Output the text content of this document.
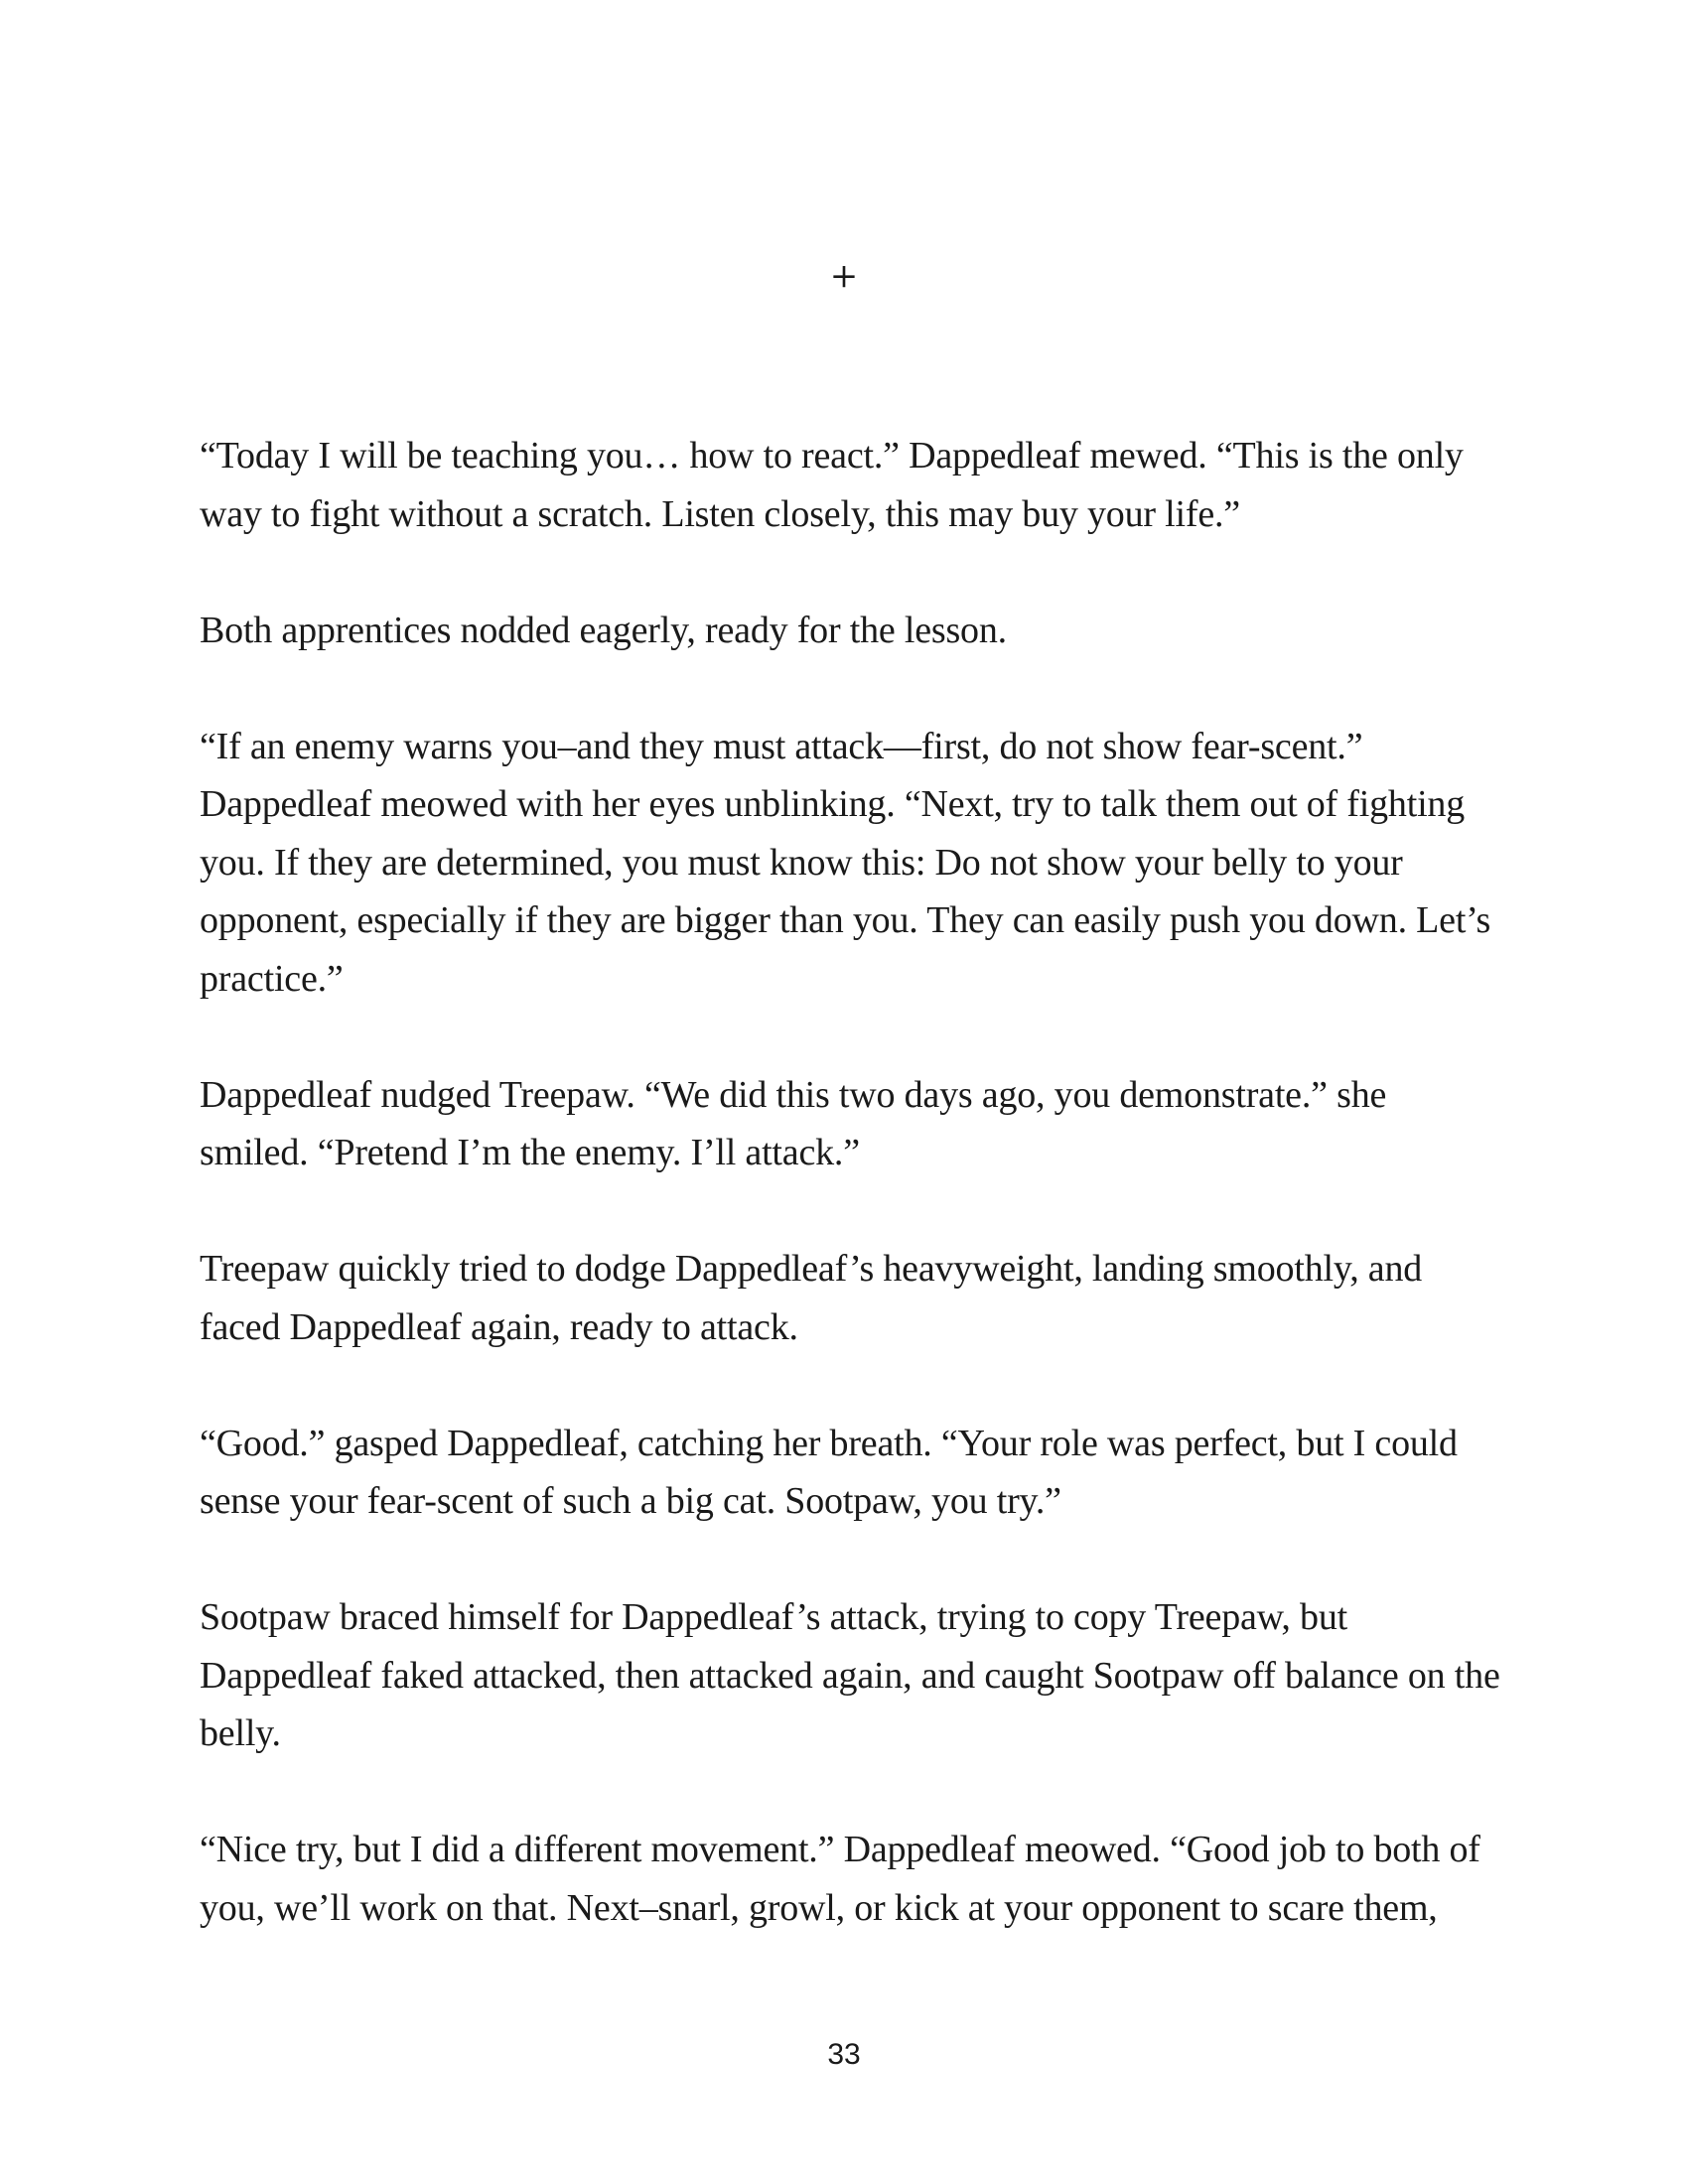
+

“Today I will be teaching you… how to react.” Dappedleaf mewed. “This is the only way to fight without a scratch. Listen closely, this may buy your life.”

Both apprentices nodded eagerly, ready for the lesson.

“If an enemy warns you–and they must attack—first, do not show fear-scent.” Dappedleaf meowed with her eyes unblinking. “Next, try to talk them out of fighting you. If they are determined, you must know this: Do not show your belly to your opponent, especially if they are bigger than you. They can easily push you down. Let’s practice.”

Dappedleaf nudged Treepaw. “We did this two days ago, you demonstrate.” she smiled. “Pretend I’m the enemy. I’ll attack.”

Treepaw quickly tried to dodge Dappedleaf’s heavyweight, landing smoothly, and faced Dappedleaf again, ready to attack.

“Good.” gasped Dappedleaf, catching her breath. “Your role was perfect, but I could sense your fear-scent of such a big cat. Sootpaw, you try.”

Sootpaw braced himself for Dappedleaf’s attack, trying to copy Treepaw, but Dappedleaf faked attacked, then attacked again, and caught Sootpaw off balance on the belly.

“Nice try, but I did a different movement.” Dappedleaf meowed. “Good job to both of you, we’ll work on that. Next–snarl, growl, or kick at your opponent to scare them,

33
